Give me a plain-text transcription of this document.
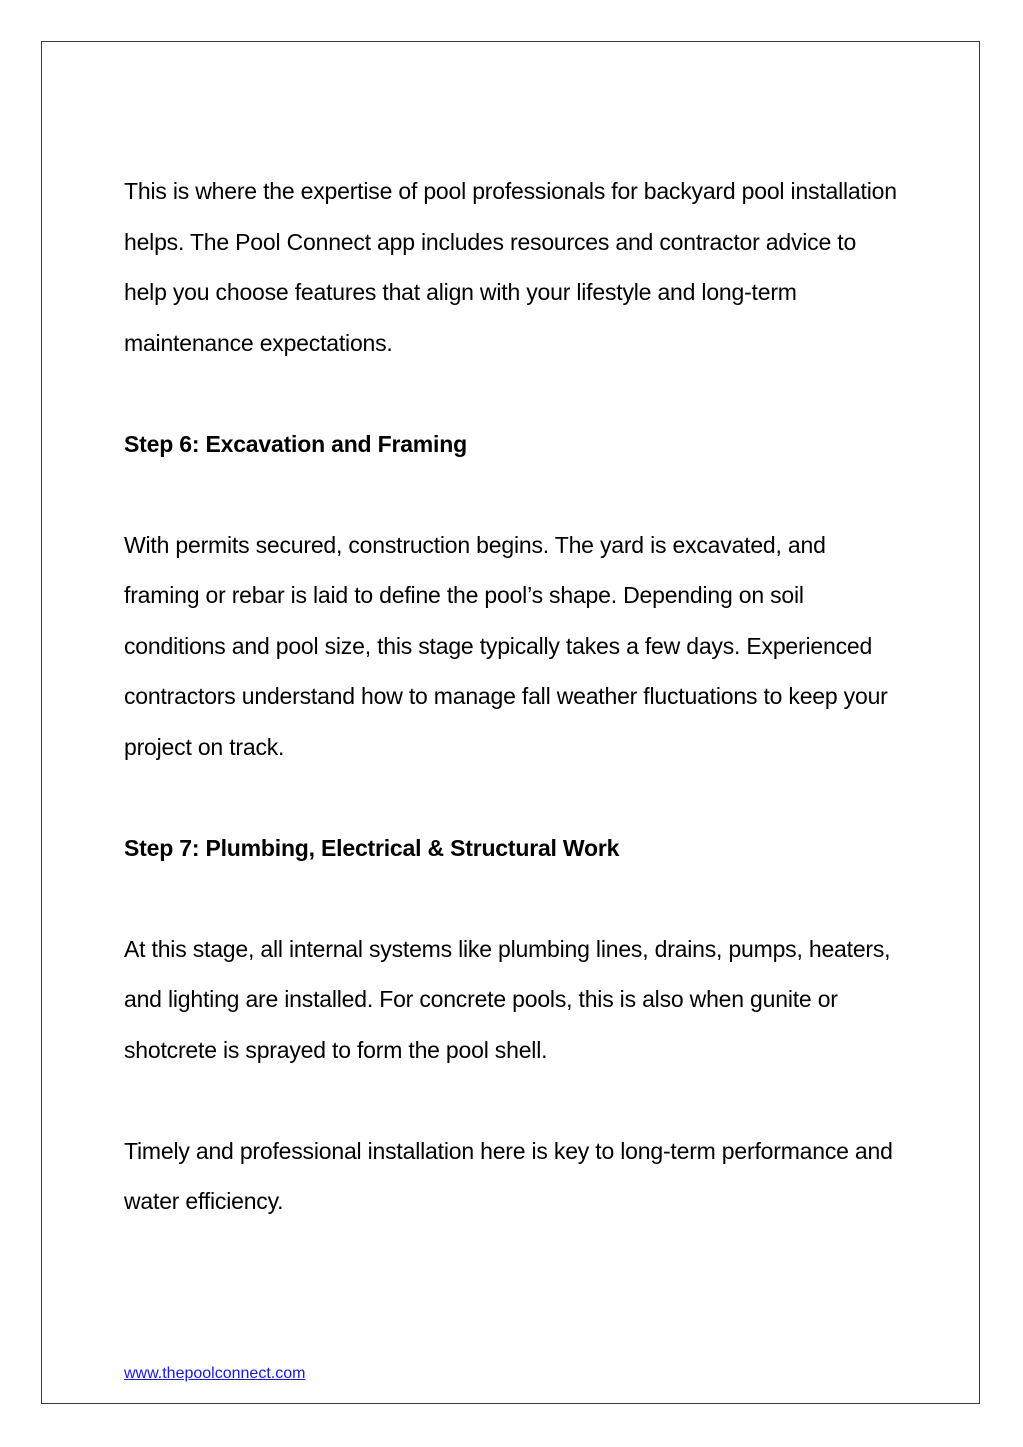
This is where the expertise of pool professionals for backyard pool installation helps. The Pool Connect app includes resources and contractor advice to help you choose features that align with your lifestyle and long-term maintenance expectations.

Step 6: Excavation and Framing

With permits secured, construction begins. The yard is excavated, and framing or rebar is laid to define the pool’s shape. Depending on soil conditions and pool size, this stage typically takes a few days. Experienced contractors understand how to manage fall weather fluctuations to keep your project on track.

Step 7: Plumbing, Electrical & Structural Work

At this stage, all internal systems like plumbing lines, drains, pumps, heaters, and lighting are installed. For concrete pools, this is also when gunite or shotcrete is sprayed to form the pool shell.

Timely and professional installation here is key to long-term performance and water efficiency.

www.thepoolconnect.com
